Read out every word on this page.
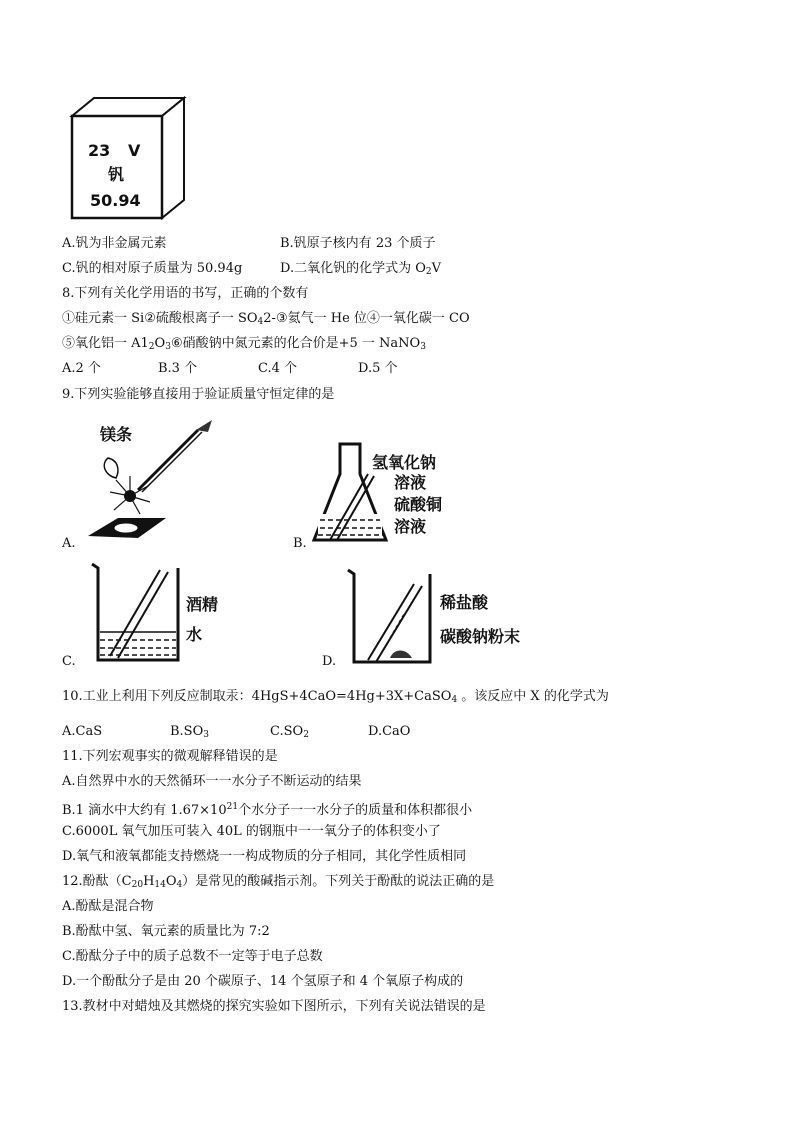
23 V
钒
50.94
A.钒为非金属元素	B.钒原子核内有 23 个质子
C.钒的相对原子质量为 50.94g	D.二氧化钒的化学式为 $O_2V$
8.下列有关化学用语的书写，正确的个数有
①硅元素一 Si②硫酸根离子一 $SO_42-③$氦气一 He 位④一氧化碳一 CO
⑤氧化铝一 $A1_2O_3⑥$硝酸钠中氮元素的化合价是+5 一 NaNO$_3$
A.2 个	B.3 个	C.4 个	D.5 个
9.下列实验能够直接用于验证质量守恒定律的是
镁条
A.
氢氧化钠
溶液
硫酸铜
溶液
B.
酒精
水
C.
稀盐酸
碳酸钠粉末
D.
10.工业上利用下列反应制取汞：4HgS+4CaO=4Hg+3X+CaSO$_4$ 。该反应中 X 的化学式为
A.CaS	$B.SO_3$	$C.SO_2$	D.CaO
11.下列宏观事实的微观解释错误的是
A.自然界中水的天然循环一一水分子不断运动的结果
B.1 滴水中大约有 $1.67\times 10^{21}$个水分子一一水分子的质量和体积都很小
C.6000L 氧气加压可装入 40L 的钢瓶中一一氧分子的体积变小了
D.氧气和液氧都能支持燃烧一一构成物质的分子相同，其化学性质相同
12.酚酞$(C_{20}H_{14}O_4)$是常见的酸碱指示剂。下列关于酚酞的说法正确的是
A.酚酞是混合物
B.酚酞中氢、氧元素的质量比为 7:2
C.酚酞分子中的质子总数不一定等于电子总数
D.一个酚酞分子是由 20 个碳原子、14 个氢原子和 4 个氧原子构成的
13.教材中对蜡烛及其燃烧的探究实验如下图所示，下列有关说法错误的是
